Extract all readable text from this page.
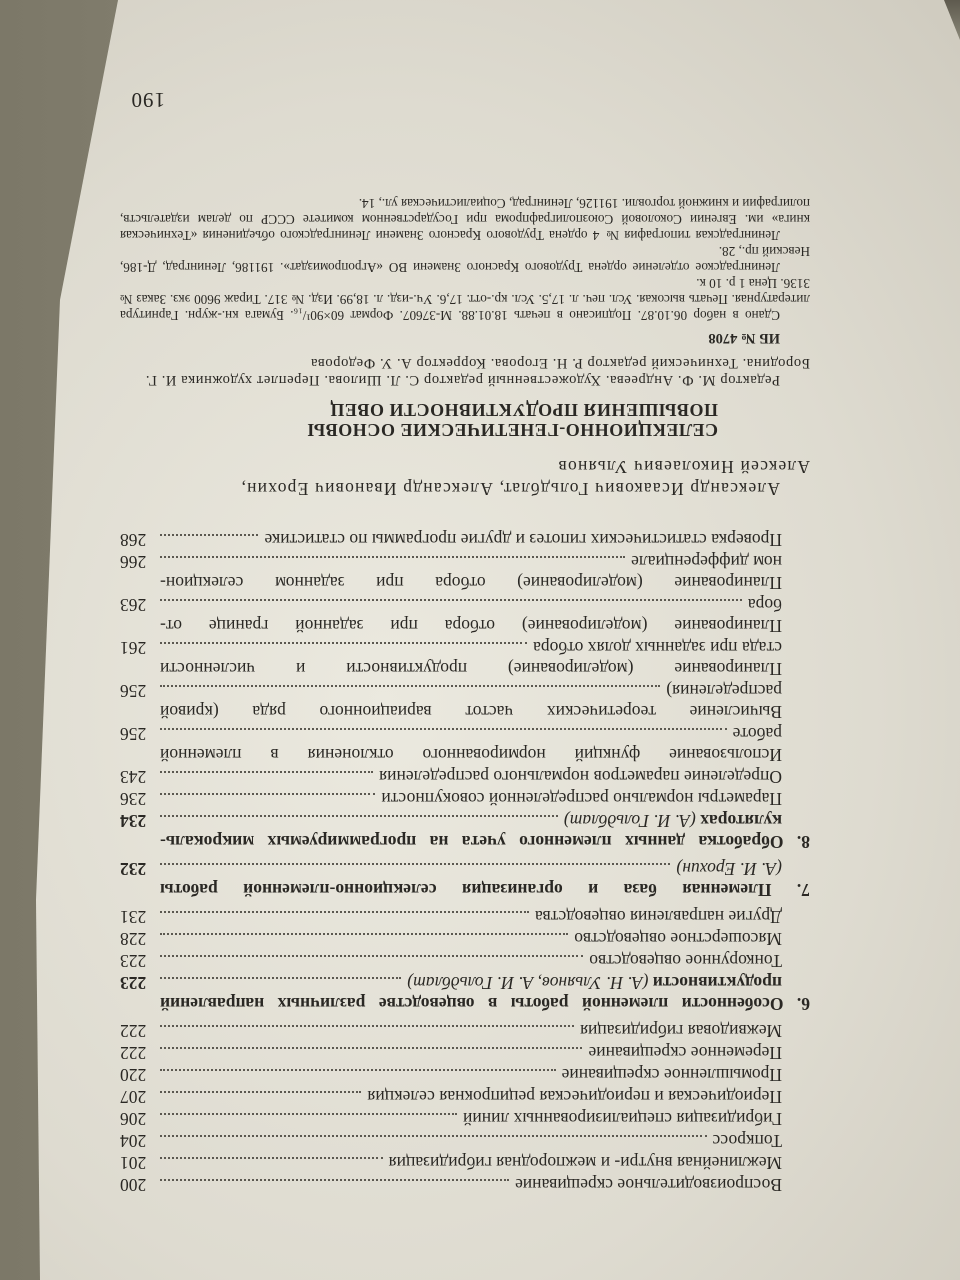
190
Воспроизводительное скрещивание
200
Межлинейная внутри- и межпородная гибридизация
201
Топкросс
204
Гибридизация специализированных линий
206
Периодическая и периодическая реципрокная селекция
207
Промышленное скрещивание
220
Переменное скрещивание
222
Межвидовая гибридизация
222
6. Особенности племенной работы в овцеводстве различных направлений
продуктивности (А. Н. Ульянов, А. И. Гольдблат)
223
Тонкорунное овцеводство
223
Мясошерстное овцеводство
228
Другие направления овцеводства
231
7. Племенная база и организация селекционно-племенной работы
(А. И. Ерохин)
232
8. Обработка данных племенного учета на программируемых микрокаль-
куляторах (А. И. Гольдблат)
234
Параметры нормально распределенной совокупности
236
Определение параметров нормального распределения
243
Использование функций нормированного отклонения в племенной
работе
256
Вычисление теоретических частот вариационного ряда (кривой
распределения)
256
Планирование (моделирование) продуктивности и численности
стада при заданных долях отбора
261
Планирование (моделирование) отбора при заданной границе от-
бора
263
Планирование (моделирование) отбора при заданном селекцион-
ном дифференциале
266
Проверка статистических гипотез и другие программы по статистике
268
Александр Исаакович Гольдблат, Александр Иванович Ерохин,
Алексей Николаевич Ульянов
СЕЛЕКЦИОННО-ГЕНЕТИЧЕСКИЕ ОСНОВЫ
ПОВЫШЕНИЯ ПРОДУКТИВНОСТИ ОВЕЦ
Редактор М. Ф. Андреева. Художественный редактор С. Л. Шилова. Переплет художника И. Г. Бородина. Технический редактор Р. Н. Егорова. Корректор А. У. Федорова
ИБ № 4708
Сдано в набор 06.10.87. Подписано в печать 18.01.88. М-37607. Формат 60×90¹/₁₆. Бумага кн.-журн. Гарнитура литературная. Печать высокая. Усл. печ. л. 17,5. Усл. кр.-отт. 17,6. Уч.-изд. л. 18,99. Изд. № 317. Тираж 9600 экз. Заказ № 3136. Цена 1 р. 10 к.
Ленинградское отделение ордена Трудового Красного Знамени ВО «Агропромиздат». 191186, Ленинград, Д-186, Невский пр., 28.
Ленинградская типография № 4 ордена Трудового Красного Знамени Ленинградского объединения «Техническая книга» им. Евгении Соколовой Союзполиграфпрома при Государственном комитете СССР по делам издательств, полиграфии и книжной торговли. 191126, Ленинград, Социалистическая ул., 14.
